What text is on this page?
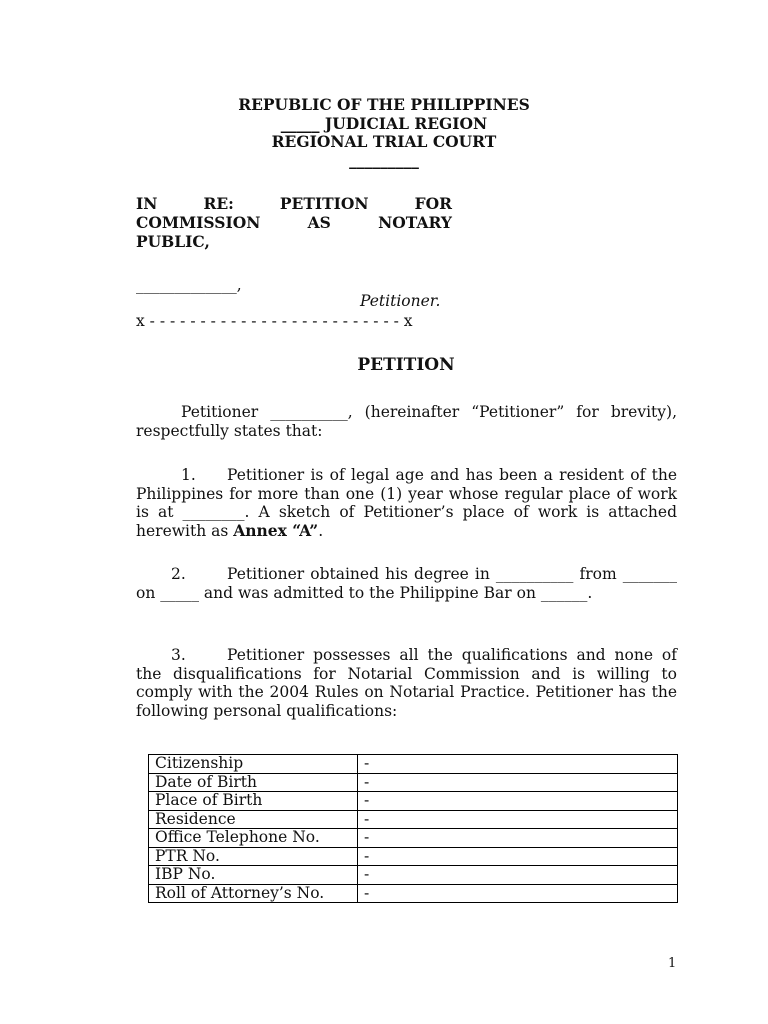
REPUBLIC OF THE PHILIPPINES
_____ JUDICIAL REGION
REGIONAL TRIAL COURT
_________
IN	RE:	PETITION	FOR
COMMISSION	AS	NOTARY
PUBLIC,
_____________,
Petitioner.
x - - - - - - - - - - - - - - - - - - - - - - - - - x
PETITION
Petitioner __________, (hereinafter “Petitioner” for brevity), respectfully states that:
1. Petitioner is of legal age and has been a resident of the Philippines for more than one (1) year whose regular place of work is at ________. A sketch of Petitioner’s place of work is attached herewith as Annex “A”.
2.	Petitioner obtained his degree in __________ from _______ on _____ and was admitted to the Philippine Bar on ______.
3.	Petitioner possesses all the qualifications and none of the disqualifications for Notarial Commission and is willing to comply with the 2004 Rules on Notarial Practice. Petitioner has the following personal qualifications:
Citizenship	-
Date of Birth	-
Place of Birth	-
Residence	-
Office Telephone No.	-
PTR No.	-
IBP No.	-
Roll of Attorney’s No.	-
1
